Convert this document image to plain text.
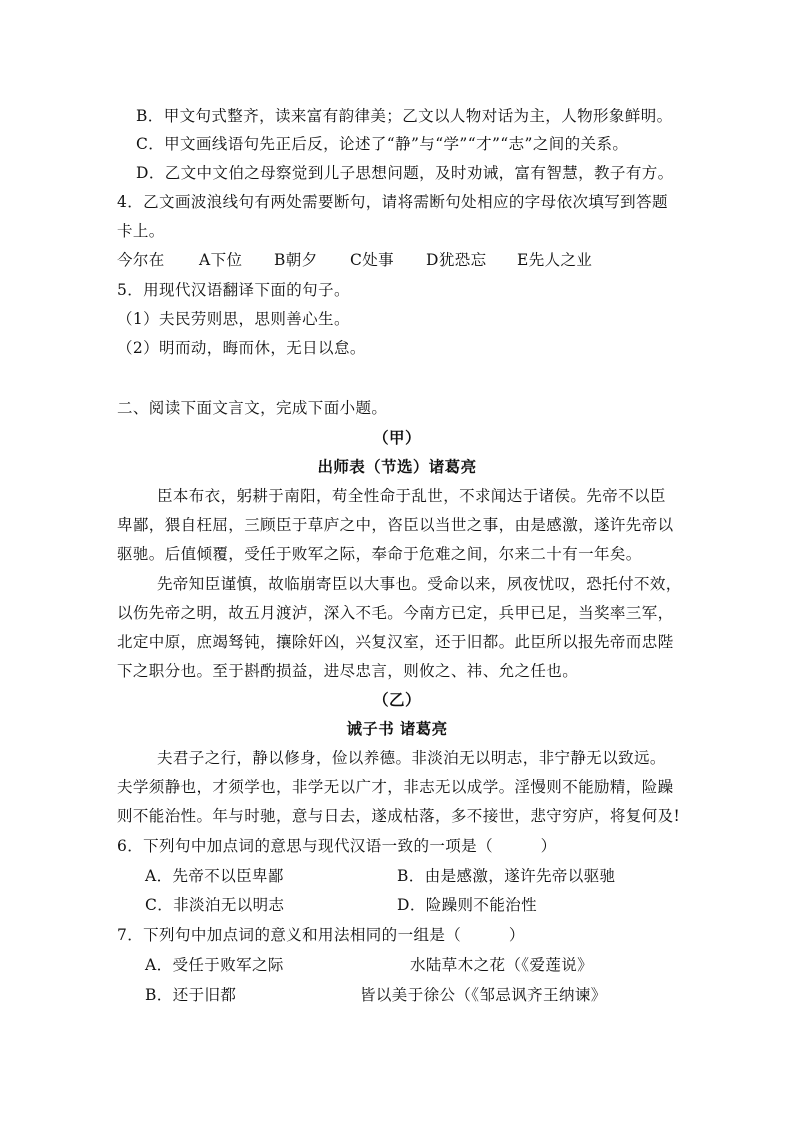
B．甲文句式整齐，读来富有韵律美；乙文以人物对话为主，人物形象鲜明。
C．甲文画线语句先正后反，论述了“静”与“学”“才”“志”之间的关系。
D．乙文中文伯之母察觉到儿子思想问题，及时劝诫，富有智慧，教子有方。
4．乙文画波浪线句有两处需要断句，请将需断句处相应的字母依次填写到答题
卡上。
今尔在 A下位 B朝夕 C处事 D犹恐忘 E先人之业
5．用现代汉语翻译下面的句子。
（1）夫民劳则思，思则善心生。
（2）明而动，晦而休，无日以怠。
二、阅读下面文言文，完成下面小题。
（甲）
出师表（节选）诸葛亮
臣本布衣，躬耕于南阳，苟全性命于乱世，不求闻达于诸侯。先帝不以臣
卑鄙，猥自枉屈，三顾臣于草庐之中，咨臣以当世之事，由是感激，遂许先帝以
驱驰。后值倾覆，受任于败军之际，奉命于危难之间，尔来二十有一年矣。
先帝知臣谨慎，故临崩寄臣以大事也。受命以来，夙夜忧叹，恐托付不效，
以伤先帝之明，故五月渡泸，深入不毛。今南方已定，兵甲已足，当奖率三军，
北定中原，庶竭驽钝，攘除奸凶，兴复汉室，还于旧都。此臣所以报先帝而忠陛
下之职分也。至于斟酌损益，进尽忠言，则攸之、祎、允之任也。
（乙）
诫子书 诸葛亮
夫君子之行，静以修身，俭以养德。非淡泊无以明志，非宁静无以致远。
夫学须静也，才须学也，非学无以广才，非志无以成学。淫慢则不能励精，险躁
则不能治性。年与时驰，意与日去，遂成枯落，多不接世，悲守穷庐，将复何及!
6．下列句中加点词的意思与现代汉语一致的一项是（　　　）
A．先帝不以臣卑鄙	B．由是感激，遂许先帝以驱驰
C．非淡泊无以明志	D．险躁则不能治性
7．下列句中加点词的意义和用法相同的一组是（　　　）
A．受任于败军之际	水陆草木之花（《爱莲说》
B．还于旧都	皆以美于徐公（《邹忌讽齐王纳谏》
